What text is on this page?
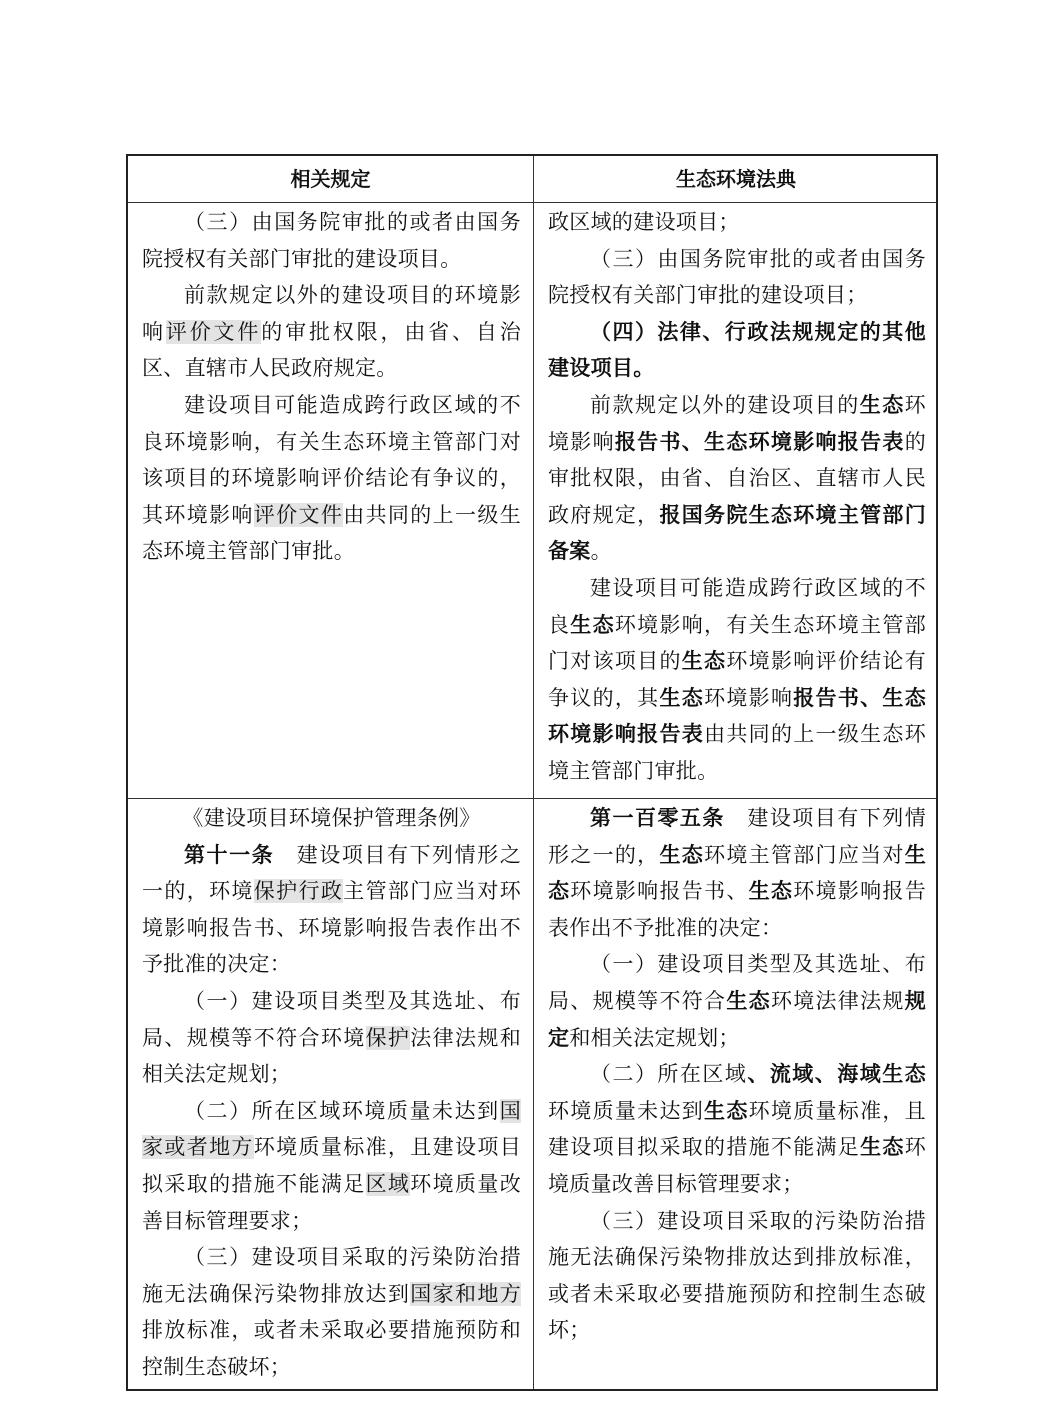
相关规定	生态环境法典

（三）由国务院审批的或者由国务院授权有关部门审批的建设项目。

前款规定以外的建设项目的环境影响评价文件的审批权限，由省、自治区、直辖市人民政府规定。

建设项目可能造成跨行政区域的不良环境影响，有关生态环境主管部门对该项目的环境影响评价结论有争议的，其环境影响评价文件由共同的上一级生态环境主管部门审批。

政区域的建设项目；

（三）由国务院审批的或者由国务院授权有关部门审批的建设项目；

（四）法律、行政法规规定的其他建设项目。

前款规定以外的建设项目的生态环境影响报告书、生态环境影响报告表的审批权限，由省、自治区、直辖市人民政府规定，报国务院生态环境主管部门备案。

建设项目可能造成跨行政区域的不良生态环境影响，有关生态环境主管部门对该项目的生态环境影响评价结论有争议的，其生态环境影响报告书、生态环境影响报告表由共同的上一级生态环境主管部门审批。

《建设项目环境保护管理条例》

第十一条　建设项目有下列情形之一的，环境保护行政主管部门应当对环境影响报告书、环境影响报告表作出不予批准的决定：

（一）建设项目类型及其选址、布局、规模等不符合环境保护法律法规和相关法定规划；

（二）所在区域环境质量未达到国家或者地方环境质量标准，且建设项目拟采取的措施不能满足区域环境质量改善目标管理要求；

（三）建设项目采取的污染防治措施无法确保污染物排放达到国家和地方排放标准，或者未采取必要措施预防和控制生态破坏；

第一百零五条　建设项目有下列情形之一的，生态环境主管部门应当对生态环境影响报告书、生态环境影响报告表作出不予批准的决定：

（一）建设项目类型及其选址、布局、规模等不符合生态环境法律法规规定和相关法定规划；

（二）所在区域、流域、海域生态环境质量未达到生态环境质量标准，且建设项目拟采取的措施不能满足生态环境质量改善目标管理要求；

（三）建设项目采取的污染防治措施无法确保污染物排放达到排放标准，或者未采取必要措施预防和控制生态破坏；
